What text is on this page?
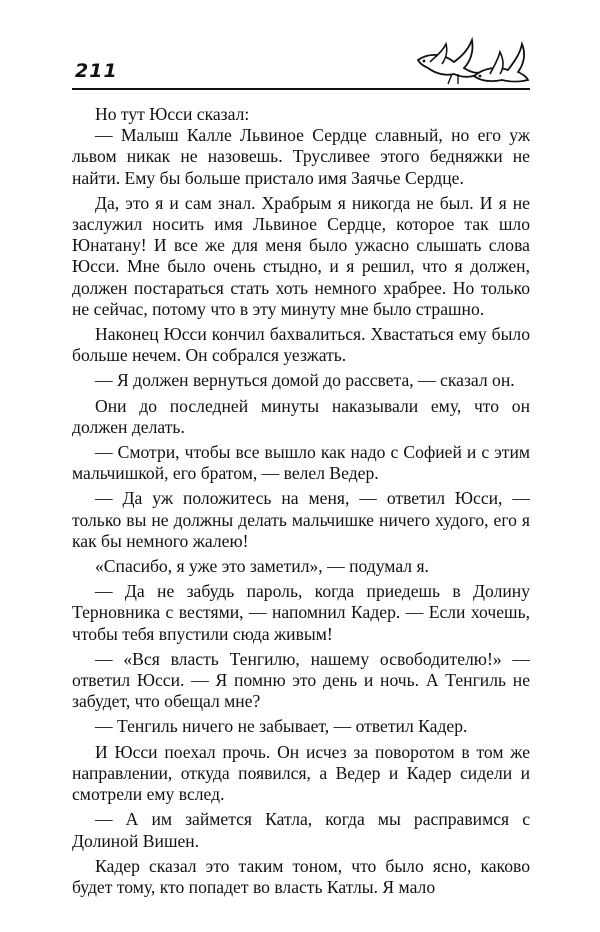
211

Но тут Юсси сказал:

— Малыш Калле Львиное Сердце славный, но его уж львом никак не назовешь. Трусливее этого бедняжки не найти. Ему бы больше пристало имя Заячье Сердце.

Да, это я и сам знал. Храбрым я никогда не был. И я не заслужил носить имя Львиное Сердце, которое так шло Юнатану! И все же для меня было ужасно слышать слова Юсси. Мне было очень стыдно, и я решил, что я должен, должен постараться стать хоть немного храбрее. Но только не сейчас, потому что в эту минуту мне было страшно.

Наконец Юсси кончил бахвалиться. Хвастаться ему было больше нечем. Он собрался уезжать.

— Я должен вернуться домой до рассвета, — сказал он.

Они до последней минуты наказывали ему, что он должен делать.

— Смотри, чтобы все вышло как надо с Софией и с этим мальчишкой, его братом, — велел Ведер.

— Да уж положитесь на меня, — ответил Юсси, — только вы не должны делать мальчишке ничего худого, его я как бы немного жалею!

«Спасибо, я уже это заметил», — подумал я.

— Да не забудь пароль, когда приедешь в Долину Терновника с вестями, — напомнил Кадер. — Если хочешь, чтобы тебя впустили сюда живым!

— «Вся власть Тенгилю, нашему освободителю!» — ответил Юсси. — Я помню это день и ночь. А Тенгиль не забудет, что обещал мне?

— Тенгиль ничего не забывает, — ответил Кадер.

И Юсси поехал прочь. Он исчез за поворотом в том же направлении, откуда появился, а Ведер и Кадер сидели и смотрели ему вслед.

— А им займется Катла, когда мы расправимся с Долиной Вишен.

Кадер сказал это таким тоном, что было ясно, каково будет тому, кто попадет во власть Катлы. Я мало
